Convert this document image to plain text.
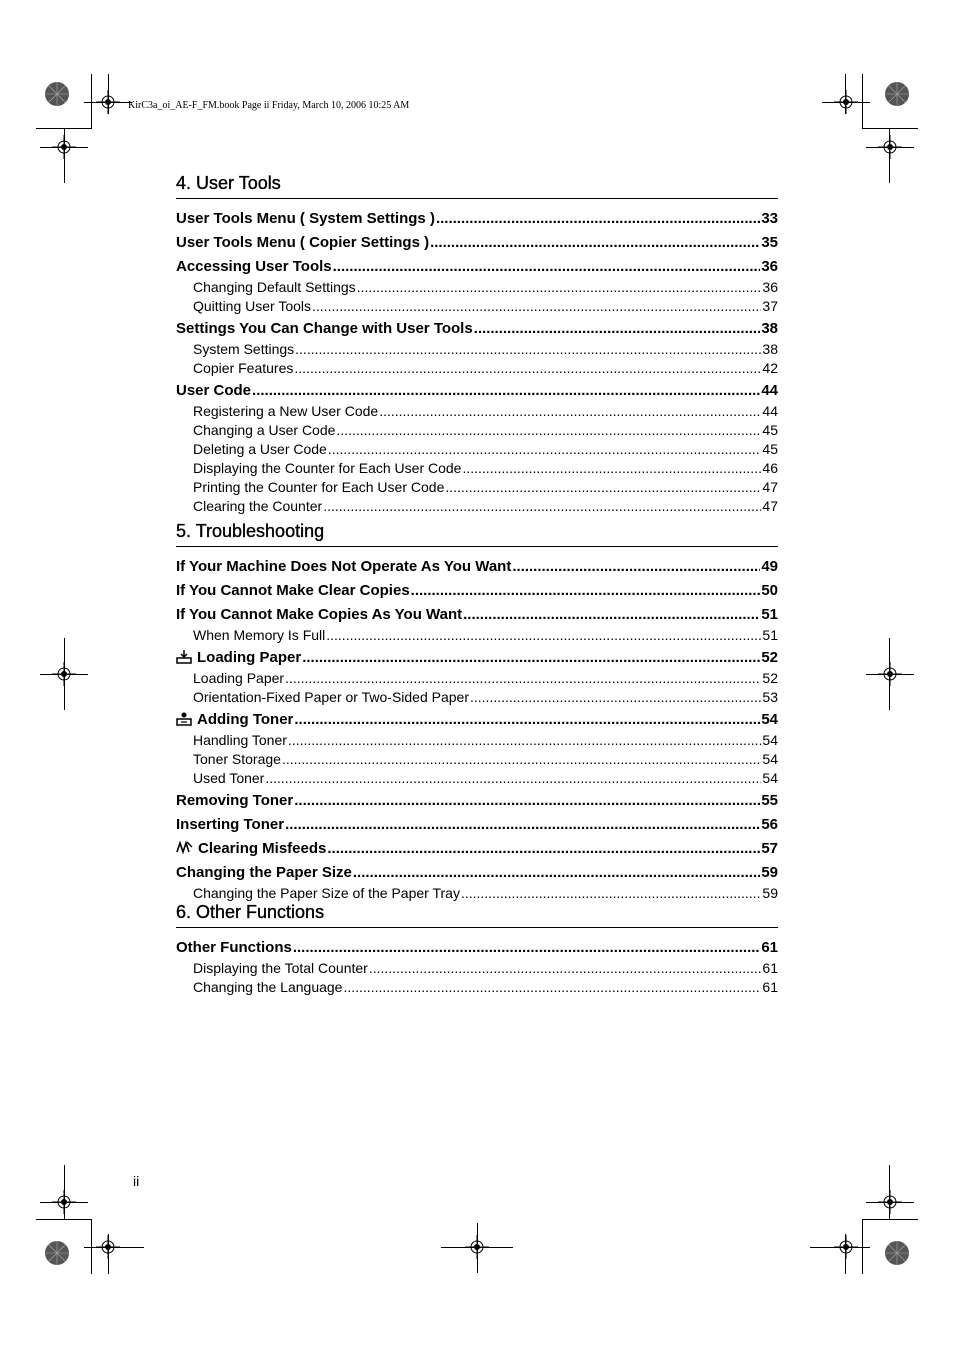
KirC3a_oi_AE-F_FM.book Page ii Friday, March 10, 2006 10:25 AM
4. User Tools
User Tools Menu ( System Settings ) .....	33
User Tools Menu ( Copier Settings ) .....	35
Accessing User Tools .....	36
Changing Default Settings .....	36
Quitting User Tools .....	37
Settings You Can Change with User Tools .....	38
System Settings .....	38
Copier Features .....	42
User Code .....	44
Registering a New User Code .....	44
Changing a User Code .....	45
Deleting a User Code .....	45
Displaying the Counter for Each User Code .....	46
Printing the Counter for Each User Code .....	47
Clearing the Counter .....	47
5. Troubleshooting
If Your Machine Does Not Operate As You Want .....	49
If You Cannot Make Clear Copies .....	50
If You Cannot Make Copies As You Want .....	51
When Memory Is Full .....	51
Loading Paper .....	52
Loading Paper .....	52
Orientation-Fixed Paper or Two-Sided Paper .....	53
Adding Toner .....	54
Handling Toner .....	54
Toner Storage .....	54
Used Toner .....	54
Removing Toner .....	55
Inserting Toner .....	56
Clearing Misfeeds .....	57
Changing the Paper Size .....	59
Changing the Paper Size of the Paper Tray .....	59
6. Other Functions
Other Functions .....	61
Displaying the Total Counter .....	61
Changing the Language .....	61
ii
